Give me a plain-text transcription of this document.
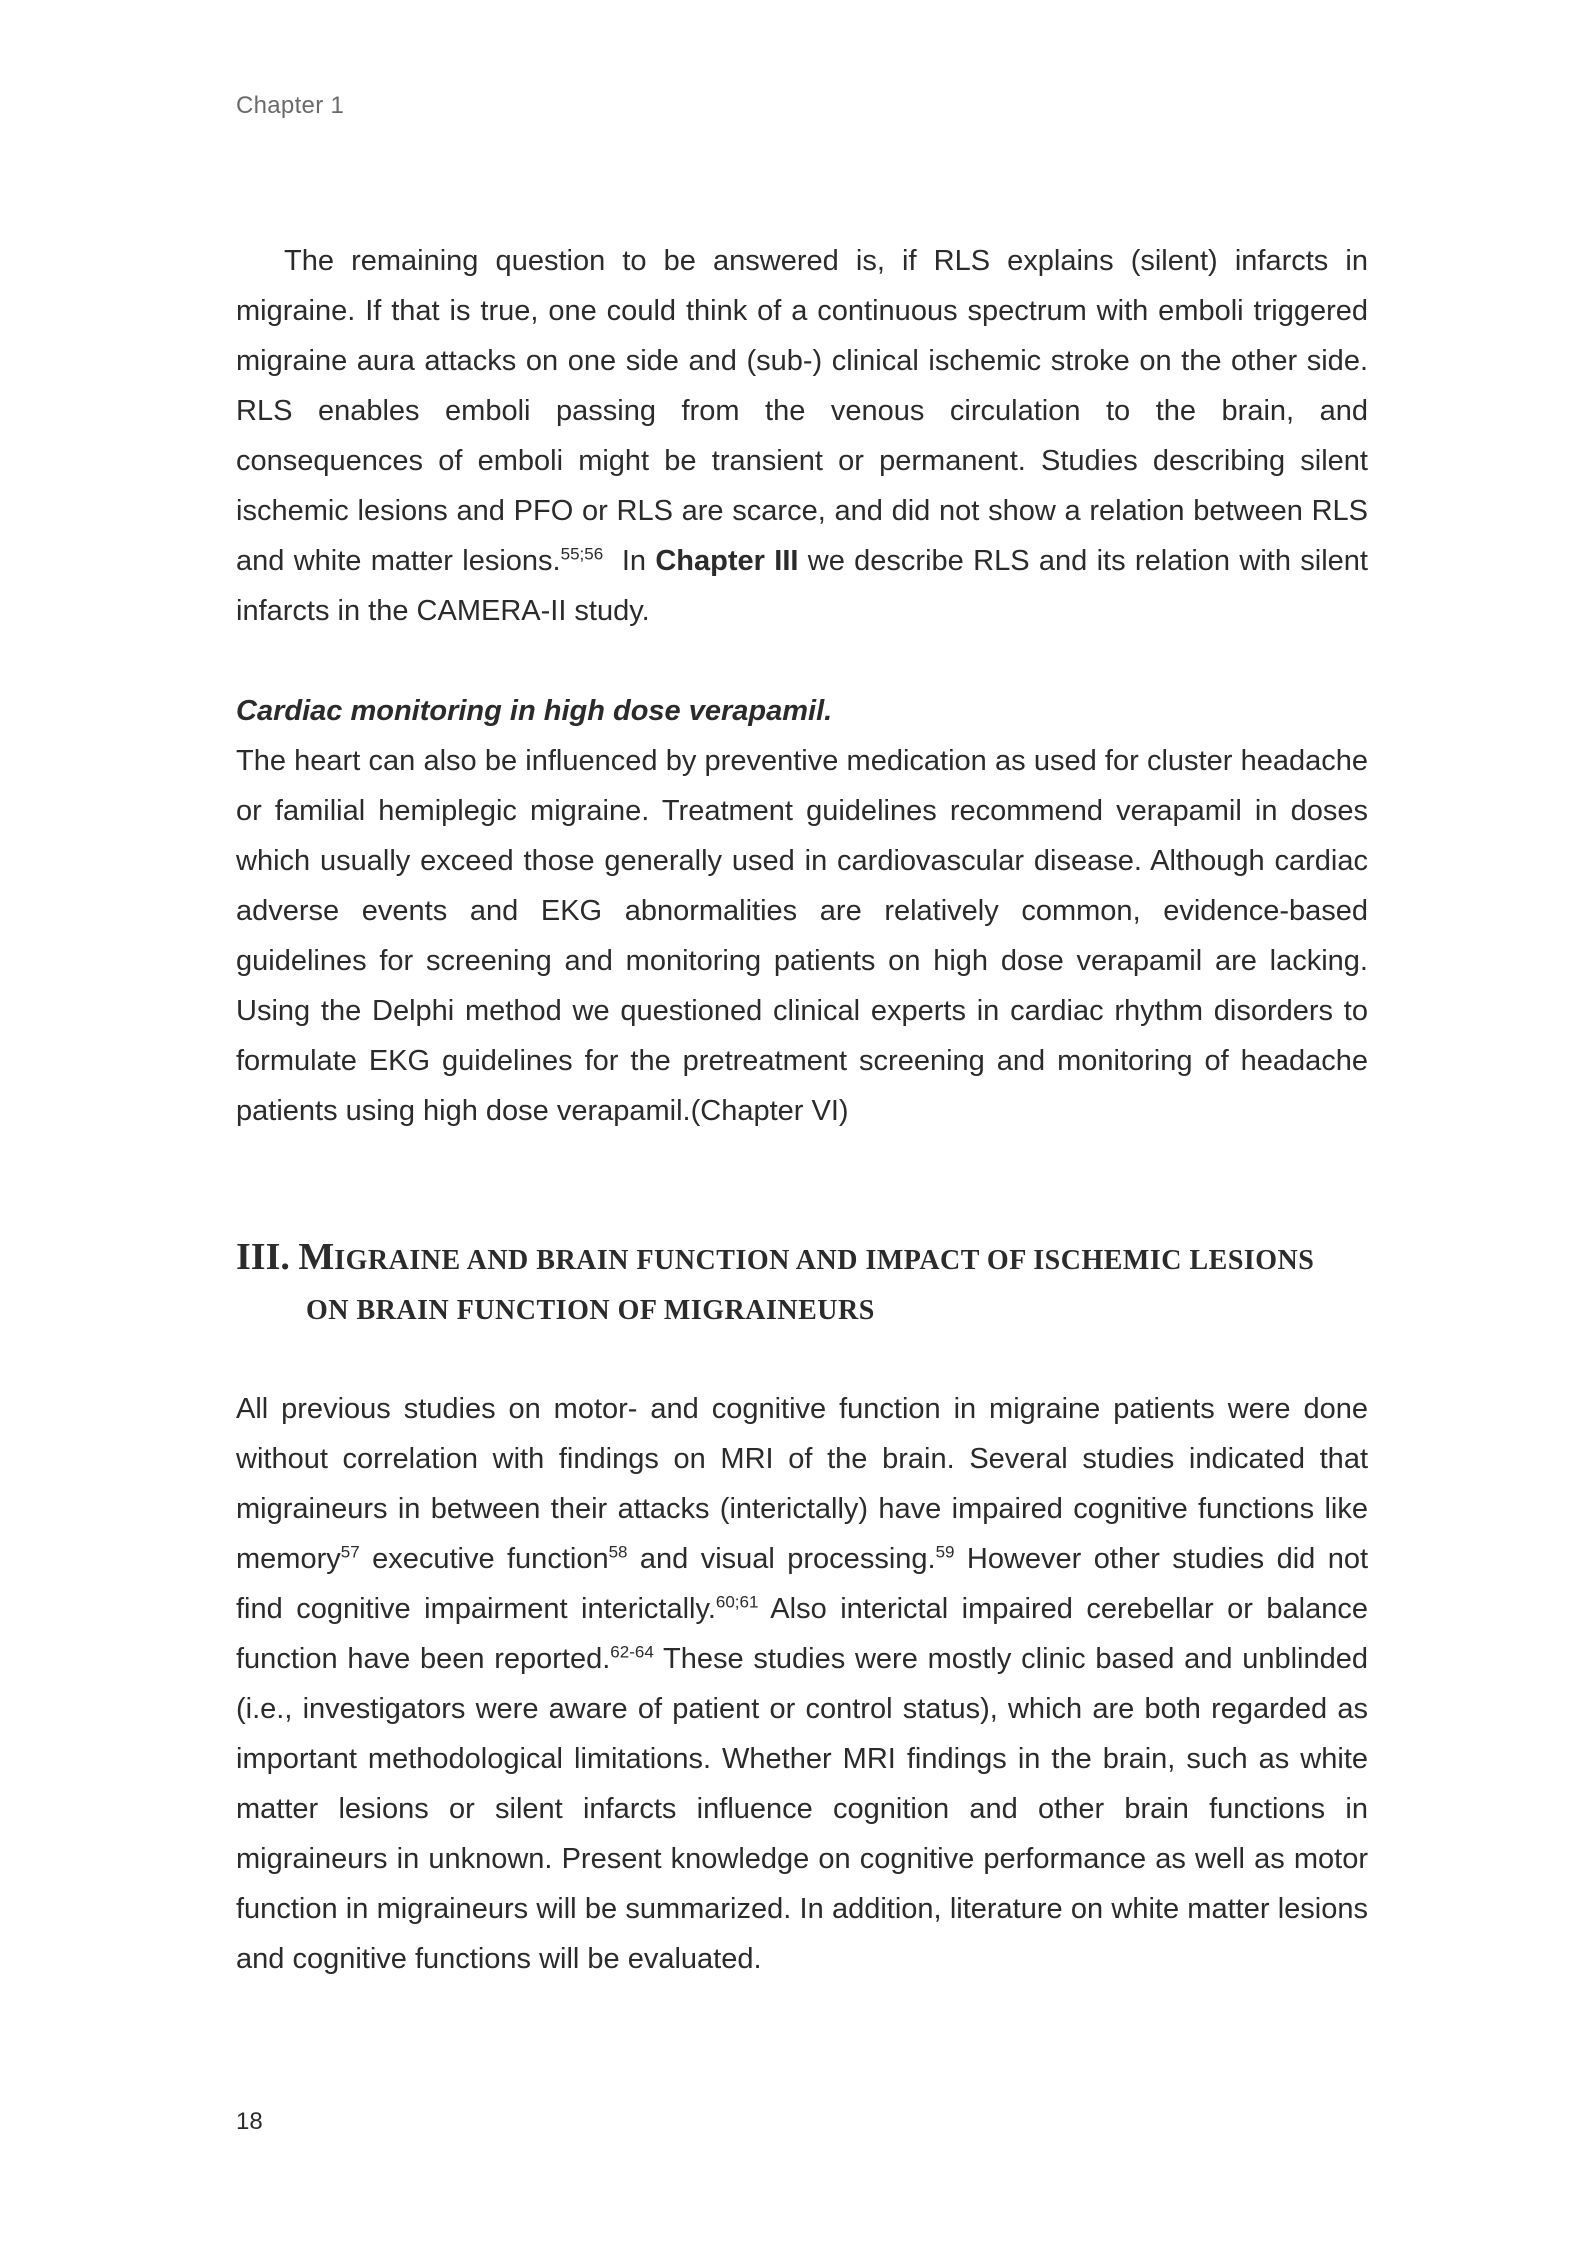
Chapter 1

The remaining question to be answered is, if RLS explains (silent) infarcts in migraine. If that is true, one could think of a continuous spectrum with emboli triggered migraine aura attacks on one side and (sub-) clinical ischemic stroke on the other side. RLS enables emboli passing from the venous circulation to the brain, and consequences of emboli might be transient or permanent. Studies describing silent ischemic lesions and PFO or RLS are scarce, and did not show a relation between RLS and white matter lesions.$^{55;56}$  In Chapter III we describe RLS and its relation with silent infarcts in the CAMERA-II study.

Cardiac monitoring in high dose verapamil.

The heart can also be influenced by preventive medication as used for cluster headache or familial hemiplegic migraine. Treatment guidelines recommend verapamil in doses which usually exceed those generally used in cardiovascular disease. Although cardiac adverse events and EKG abnormalities are relatively common, evidence-based guidelines for screening and monitoring patients on high dose verapamil are lacking. Using the Delphi method we questioned clinical experts in cardiac rhythm disorders to formulate EKG guidelines for the pretreatment screening and monitoring of headache patients using high dose verapamil.(Chapter VI)

III. MIGRAINE AND BRAIN FUNCTION AND IMPACT OF ISCHEMIC LESIONS
ON BRAIN FUNCTION OF MIGRAINEURS

All previous studies on motor- and cognitive function in migraine patients were done without correlation with findings on MRI of the brain. Several studies indicated that migraineurs in between their attacks (interictally) have impaired cognitive functions like memory$^{57}$ executive function$^{58}$ and visual processing.$^{59}$ However other studies did not find cognitive impairment interictally.$^{60;61}$ Also interictal impaired cerebellar or balance function have been reported.$^{62-64}$ These studies were mostly clinic based and unblinded (i.e., investigators were aware of patient or control status), which are both regarded as important methodological limitations. Whether MRI findings in the brain, such as white matter lesions or silent infarcts influence cognition and other brain functions in migraineurs in unknown. Present knowledge on cognitive performance as well as motor function in migraineurs will be summarized. In addition, literature on white matter lesions and cognitive functions will be evaluated.

18
